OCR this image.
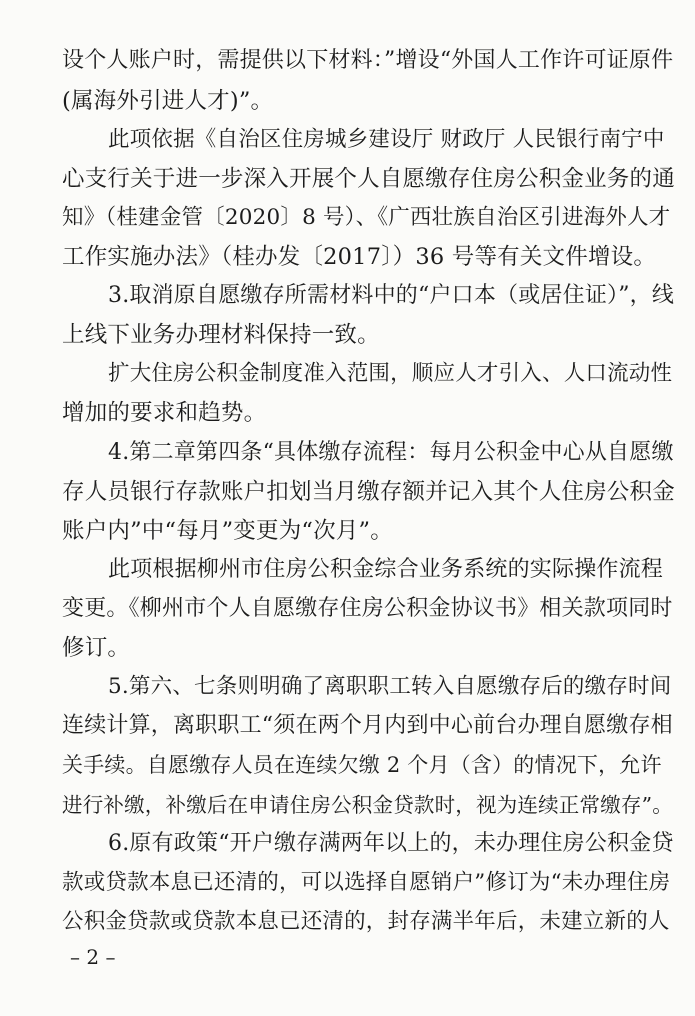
设个人账户时，需提供以下材料：”增设“外国人工作许可证原件

(属海外引进人才)”。

此项依据《自治区住房城乡建设厅 财政厅 人民银行南宁中

心支行关于进一步深入开展个人自愿缴存住房公积金业务的通

知》（桂建金管〔2020〕8 号）、《广西壮族自治区引进海外人才

工作实施办法》（桂办发〔2017〕）36 号等有关文件增设。

3.取消原自愿缴存所需材料中的“户口本（或居住证）”，线

上线下业务办理材料保持一致。

扩大住房公积金制度准入范围，顺应人才引入、人口流动性

增加的要求和趋势。

4.第二章第四条“具体缴存流程：每月公积金中心从自愿缴

存人员银行存款账户扣划当月缴存额并记入其个人住房公积金

账户内”中“每月”变更为“次月”。

此项根据柳州市住房公积金综合业务系统的实际操作流程

变更。《柳州市个人自愿缴存住房公积金协议书》相关款项同时

修订。

5.第六、七条则明确了离职职工转入自愿缴存后的缴存时间

连续计算，离职职工“须在两个月内到中心前台办理自愿缴存相

关手续。自愿缴存人员在连续欠缴 2 个月（含）的情况下，允许

进行补缴，补缴后在申请住房公积金贷款时，视为连续正常缴存”。

6.原有政策“开户缴存满两年以上的，未办理住房公积金贷

款或贷款本息已还清的，可以选择自愿销户”修订为“未办理住房

公积金贷款或贷款本息已还清的，封存满半年后，未建立新的人

– 2 –
